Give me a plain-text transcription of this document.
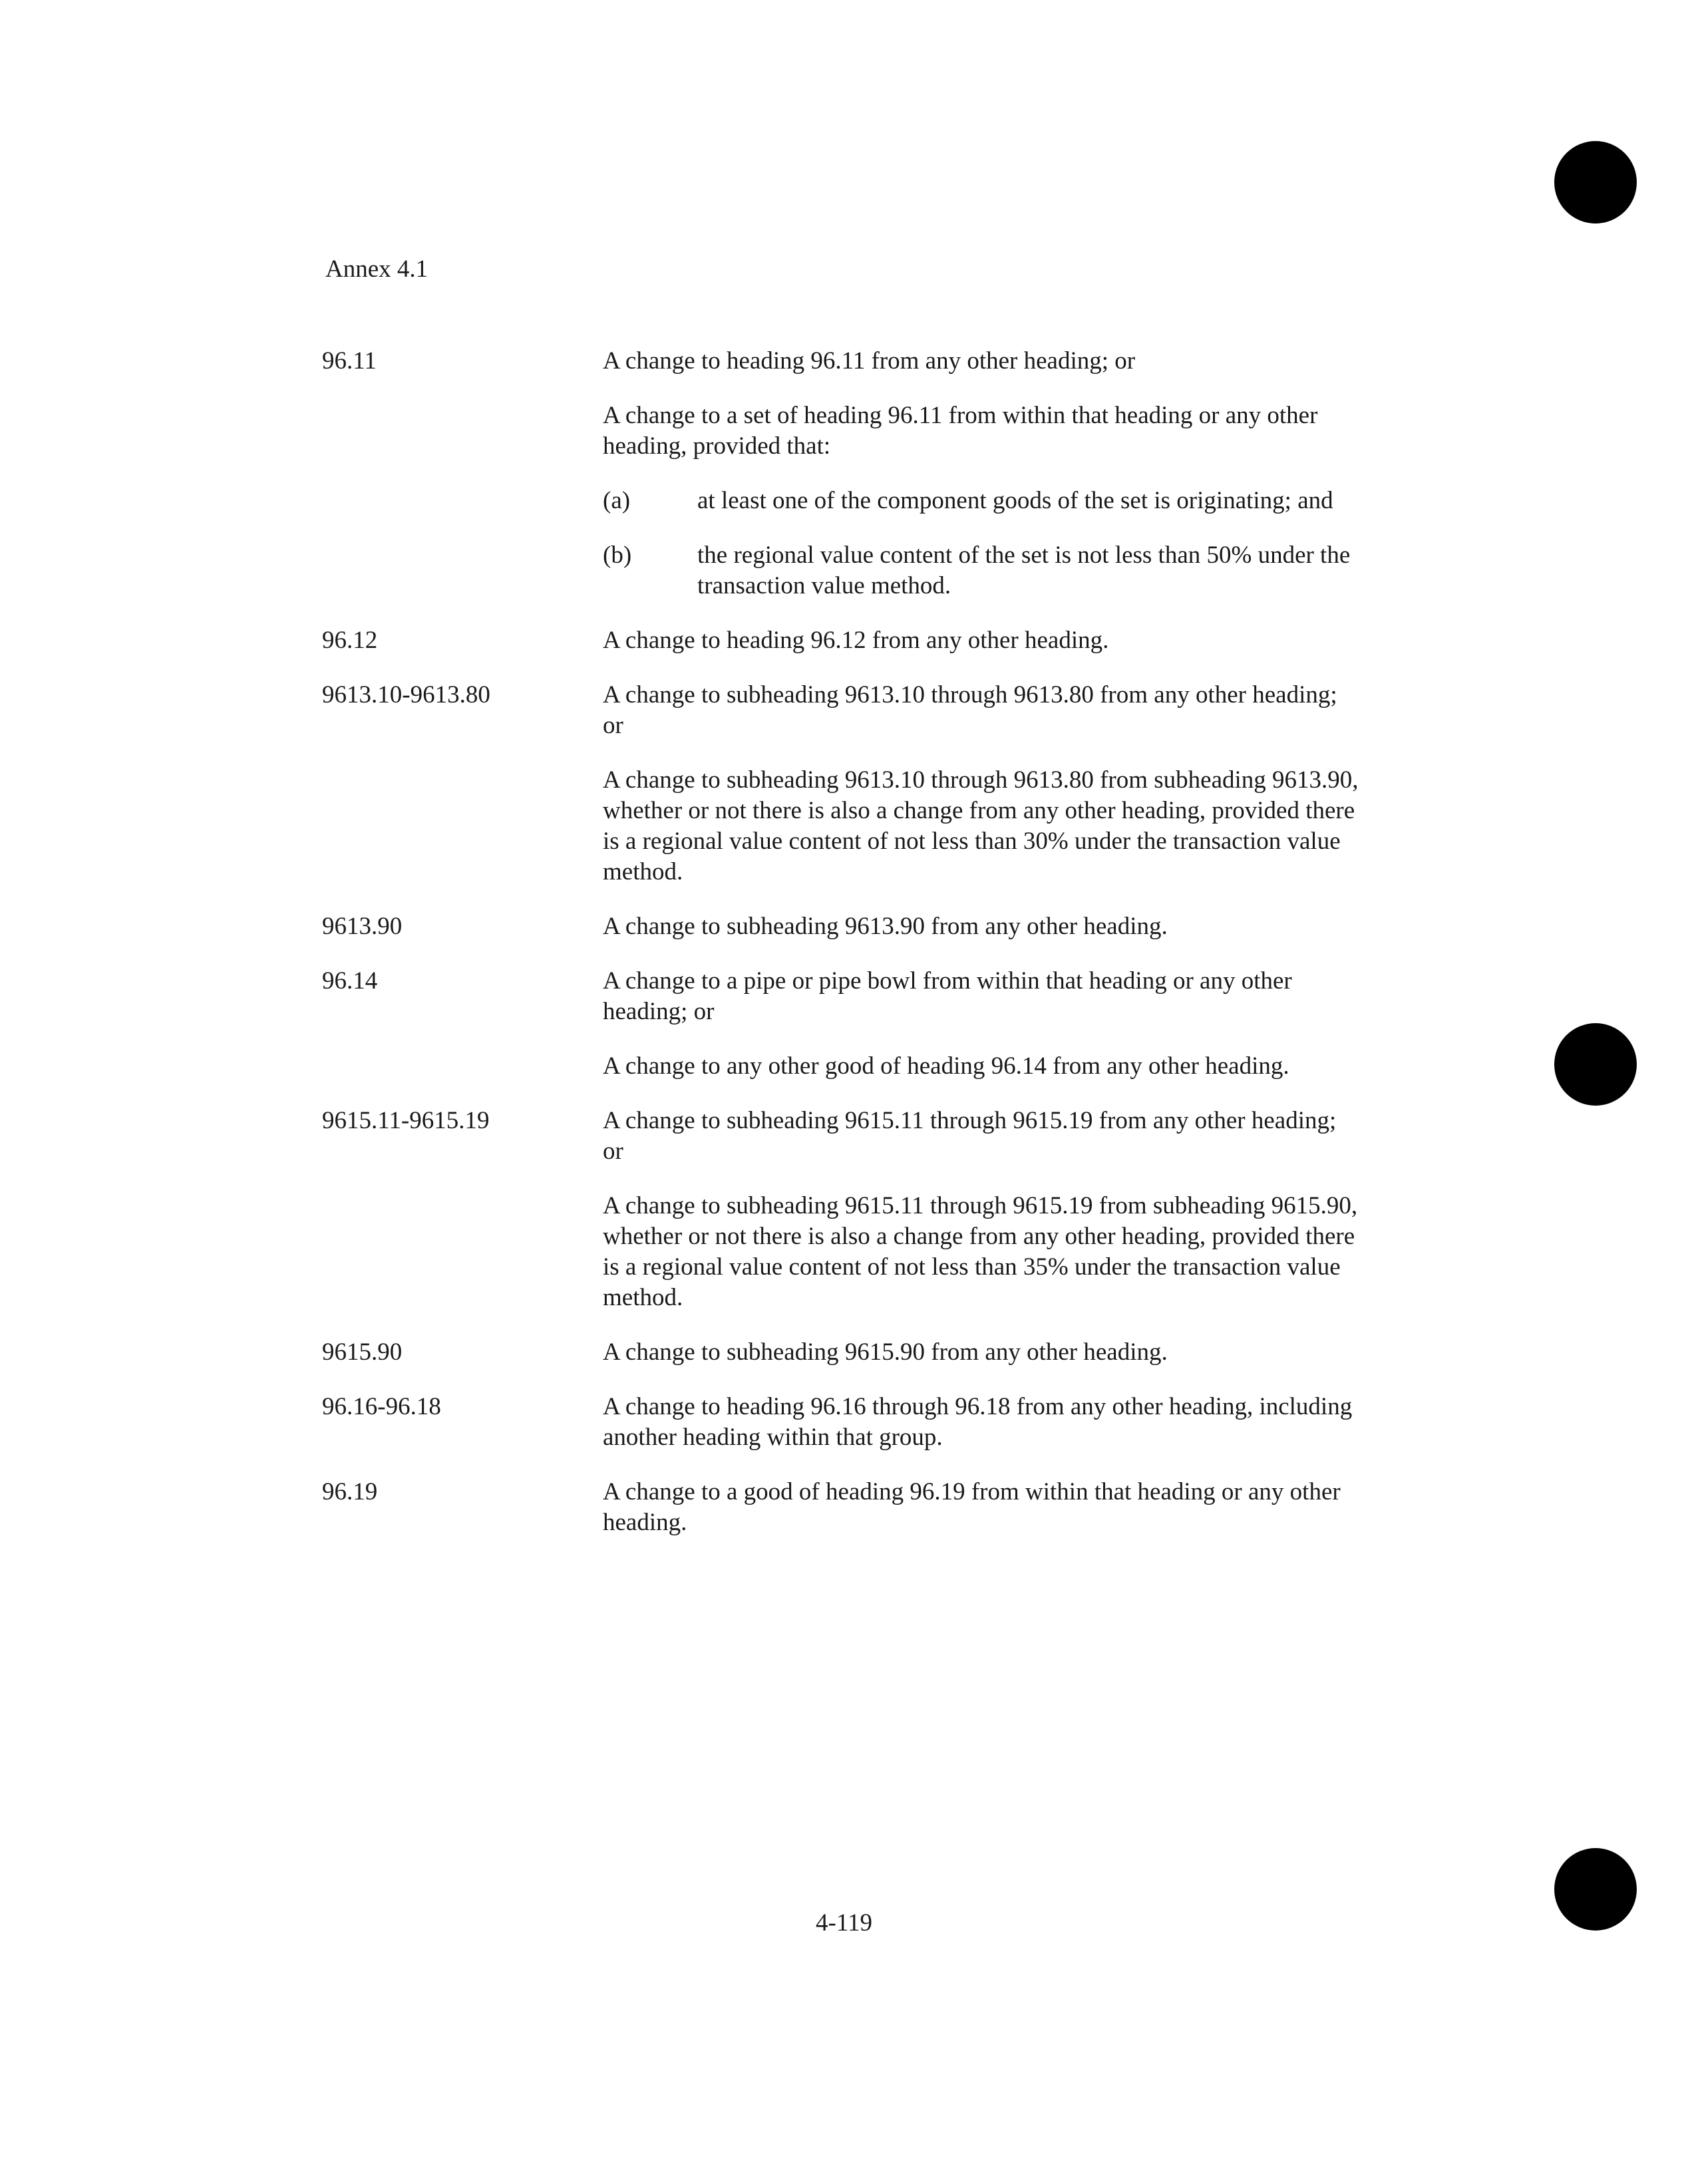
Annex 4.1
96.11	A change to heading 96.11 from any other heading; or

A change to a set of heading 96.11 from within that heading or any other heading, provided that:

(a)	at least one of the component goods of the set is originating; and
(b)	the regional value content of the set is not less than 50% under the transaction value method.
96.12	A change to heading 96.12 from any other heading.

9613.10-9613.80	A change to subheading 9613.10 through 9613.80 from any other heading; or

A change to subheading 9613.10 through 9613.80 from subheading 9613.90, whether or not there is also a change from any other heading, provided there is a regional value content of not less than 30% under the transaction value method.

9613.90	A change to subheading 9613.90 from any other heading.

96.14	A change to a pipe or pipe bowl from within that heading or any other heading; or

A change to any other good of heading 96.14 from any other heading.

9615.11-9615.19	A change to subheading 9615.11 through 9615.19 from any other heading; or

A change to subheading 9615.11 through 9615.19 from subheading 9615.90, whether or not there is also a change from any other heading, provided there is a regional value content of not less than 35% under the transaction value method.

9615.90	A change to subheading 9615.90 from any other heading.

96.16-96.18	A change to heading 96.16 through 96.18 from any other heading, including another heading within that group.

96.19	A change to a good of heading 96.19 from within that heading or any other heading.

4-119
